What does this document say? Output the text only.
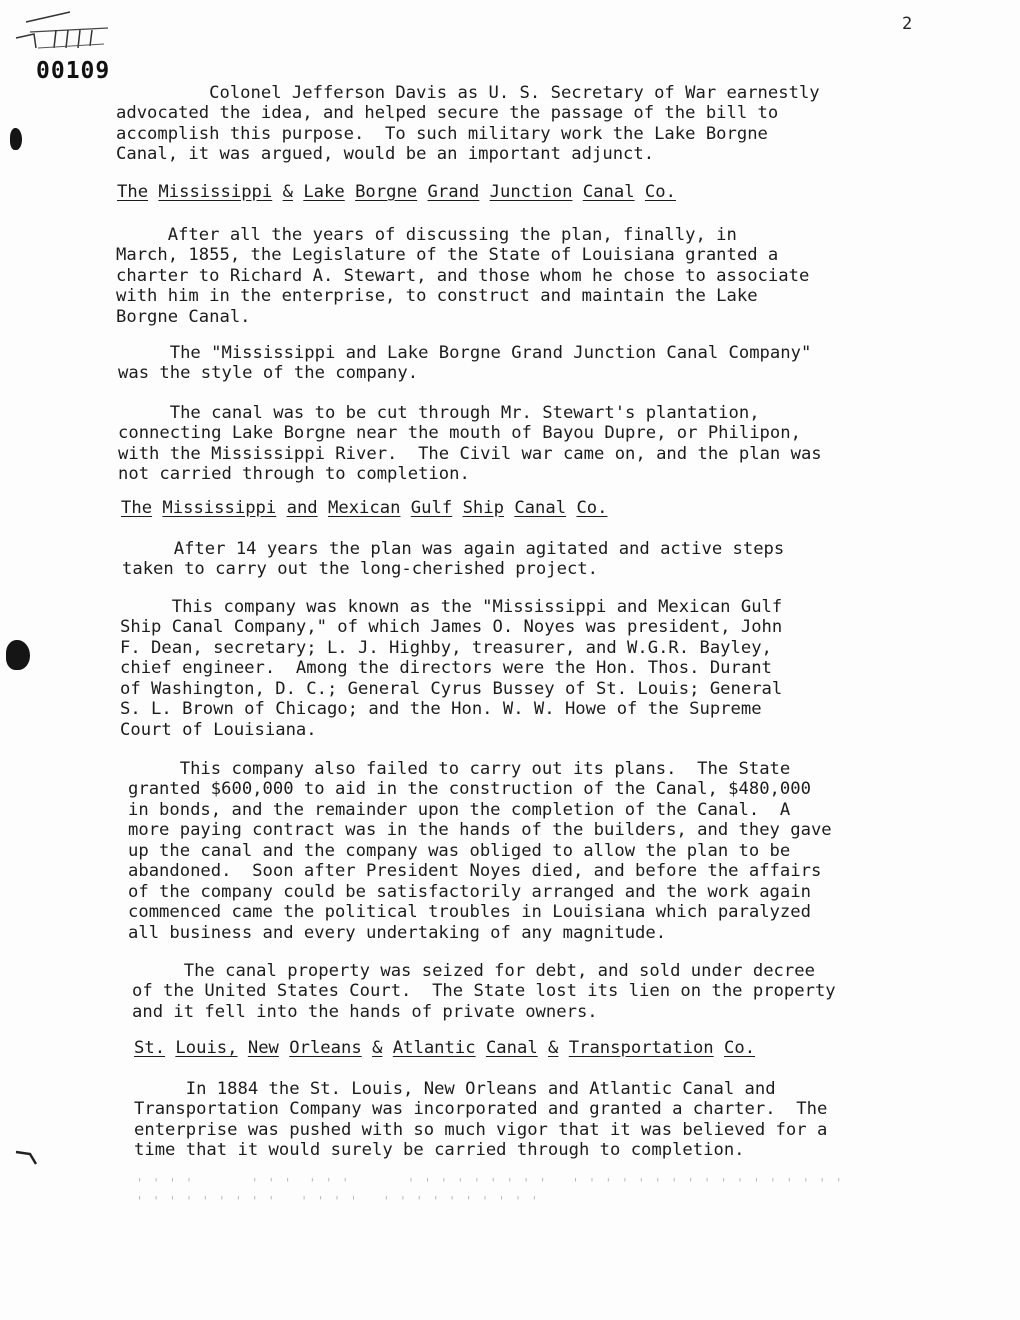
2
00109

Colonel Jefferson Davis as U. S. Secretary of War earnestly
advocated the idea, and helped secure the passage of the bill to
accomplish this purpose.  To such military work the Lake Borgne
Canal, it was argued, would be an important adjunct.

The Mississippi & Lake Borgne Grand Junction Canal Co.

After all the years of discussing the plan, finally, in
March, 1855, the Legislature of the State of Louisiana granted a
charter to Richard A. Stewart, and those whom he chose to associate
with him in the enterprise, to construct and maintain the Lake
Borgne Canal.

The "Mississippi and Lake Borgne Grand Junction Canal Company"
was the style of the company.

The canal was to be cut through Mr. Stewart's plantation,
connecting Lake Borgne near the mouth of Bayou Dupre, or Philipon,
with the Mississippi River.  The Civil war came on, and the plan was
not carried through to completion.

The Mississippi and Mexican Gulf Ship Canal Co.

After 14 years the plan was again agitated and active steps
taken to carry out the long-cherished project.

This company was known as the "Mississippi and Mexican Gulf
Ship Canal Company," of which James O. Noyes was president, John
F. Dean, secretary; L. J. Highby, treasurer, and W.G.R. Bayley,
chief engineer.  Among the directors were the Hon. Thos. Durant
of Washington, D. C.; General Cyrus Bussey of St. Louis; General
S. L. Brown of Chicago; and the Hon. W. W. Howe of the Supreme
Court of Louisiana.

This company also failed to carry out its plans.  The State
granted $600,000 to aid in the construction of the Canal, $480,000
in bonds, and the remainder upon the completion of the Canal.  A
more paying contract was in the hands of the builders, and they gave
up the canal and the company was obliged to allow the plan to be
abandoned.  Soon after President Noyes died, and before the affairs
of the company could be satisfactorily arranged and the work again
commenced came the political troubles in Louisiana which paralyzed
all business and every undertaking of any magnitude.

The canal property was seized for debt, and sold under decree
of the United States Court.  The State lost its lien on the property
and it fell into the hands of private owners.

St. Louis, New Orleans & Atlantic Canal & Transportation Co.

In 1884 the St. Louis, New Orleans and Atlantic Canal and
Transportation Company was incorporated and granted a charter.  The
enterprise was pushed with so much vigor that it was believed for a
time that it would surely be carried through to completion.

' ' ' '       ' ' '  ' ' '       ' ' ' ' ' ' ' ' '   ' ' ' ' ' ' ' ' ' ' ' ' ' ' ' ' '
' ' ' ' ' ' ' ' '   ' ' ' '   ' ' ' ' ' ' ' ' ' '
